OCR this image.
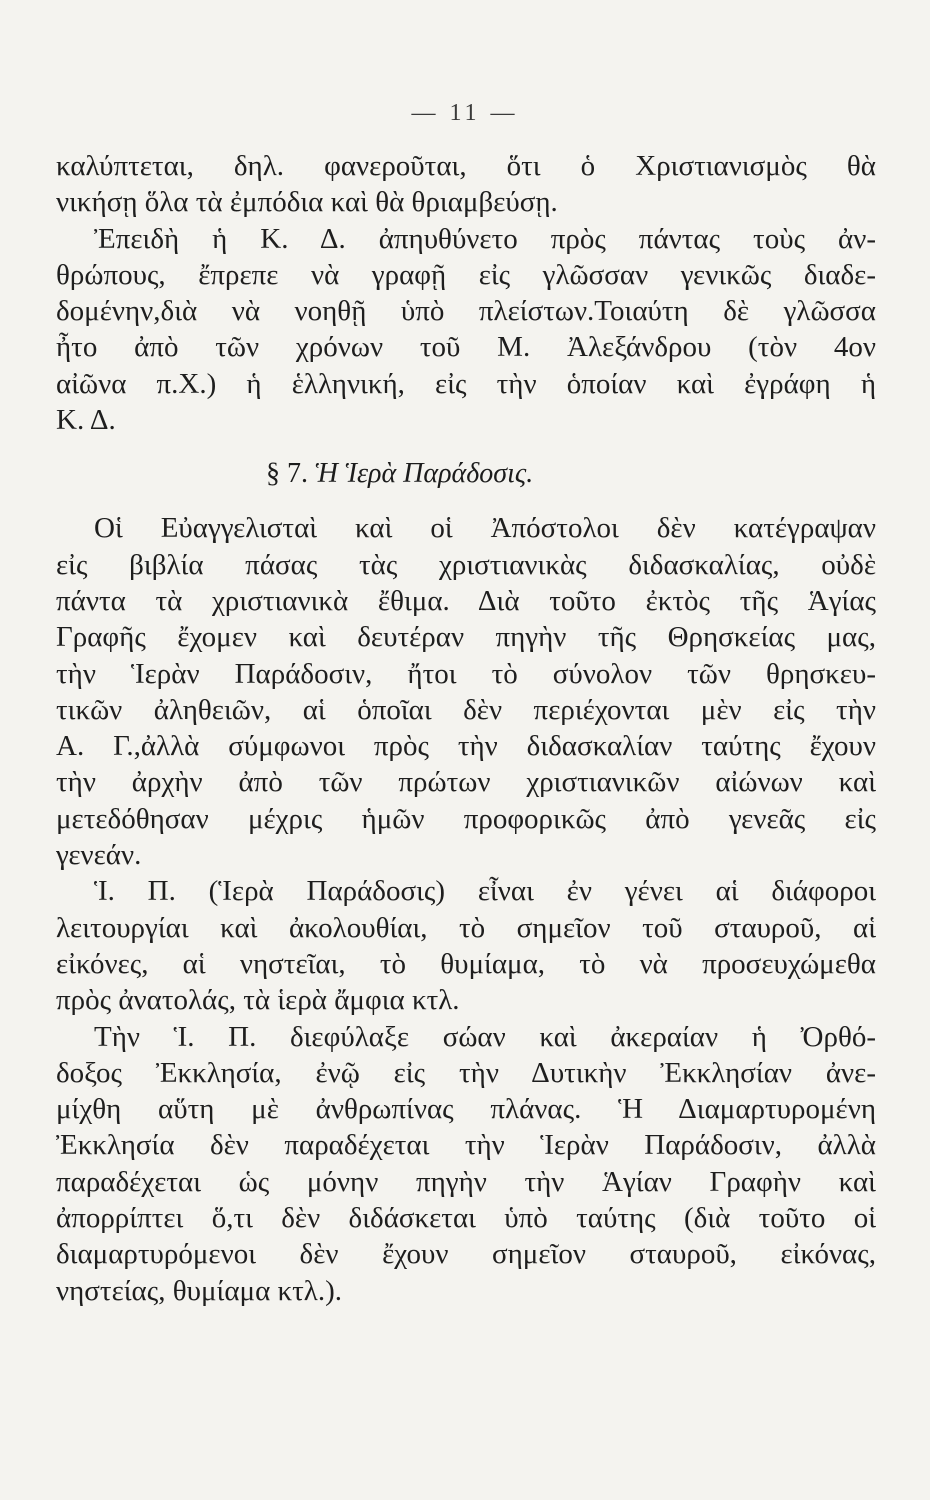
— 11 —
καλύπτεται, δηλ. φανεροῦται, ὅτι ὁ Χριστιανισμὸς θὰ
νικήσῃ ὅλα τὰ ἐμπόδια καὶ θὰ θριαμβεύσῃ.
Ἐπειδὴ ἡ Κ. Δ. ἀπηυθύνετο πρὸς πάντας τοὺς ἀν-
θρώπους, ἔπρεπε νὰ γραφῇ εἰς γλῶσσαν γενικῶς διαδε-
δομένην,διὰ νὰ νοηθῇ ὑπὸ πλείστων.Τοιαύτη δὲ γλῶσσα
ἦτο ἀπὸ τῶν χρόνων τοῦ Μ. Ἀλεξάνδρου (τὸν 4ον
αἰῶνα π.Χ.) ἡ ἑλληνική, εἰς τὴν ὁποίαν καὶ ἐγράφη ἡ
Κ. Δ.
§ 7. Ἡ Ἱερὰ Παράδοσις.
Οἱ Εὐαγγελισταὶ καὶ οἱ Ἀπόστολοι δὲν κατέγραψαν
εἰς βιβλία πάσας τὰς χριστιανικὰς διδασκαλίας, οὐδὲ
πάντα τὰ χριστιανικὰ ἔθιμα. Διὰ τοῦτο ἐκτὸς τῆς Ἁγίας
Γραφῆς ἔχομεν καὶ δευτέραν πηγὴν τῆς Θρησκείας μας,
τὴν Ἱερὰν Παράδοσιν, ἤτοι τὸ σύνολον τῶν θρησκευ-
τικῶν ἀληθειῶν, αἱ ὁποῖαι δὲν περιέχονται μὲν εἰς τὴν
Α. Γ.,ἀλλὰ σύμφωνοι πρὸς τὴν διδασκαλίαν ταύτης ἔχουν
τὴν ἀρχὴν ἀπὸ τῶν πρώτων χριστιανικῶν αἰώνων καὶ
μετεδόθησαν μέχρις ἡμῶν προφορικῶς ἀπὸ γενεᾶς εἰς
γενεάν.
Ἱ. Π. (Ἱερὰ Παράδοσις) εἶναι ἐν γένει αἱ διάφοροι
λειτουργίαι καὶ ἀκολουθίαι, τὸ σημεῖον τοῦ σταυροῦ, αἱ
εἰκόνες, αἱ νηστεῖαι, τὸ θυμίαμα, τὸ νὰ προσευχώμεθα
πρὸς ἀνατολάς, τὰ ἱερὰ ἄμφια κτλ.
Τὴν Ἱ. Π. διεφύλαξε σώαν καὶ ἀκεραίαν ἡ Ὀρθό-
δοξος Ἐκκλησία, ἐνῷ εἰς τὴν Δυτικὴν Ἐκκλησίαν ἀνε-
μίχθη αὕτη μὲ ἀνθρωπίνας πλάνας. Ἡ Διαμαρτυρομένη
Ἐκκλησία δὲν παραδέχεται τὴν Ἱερὰν Παράδοσιν, ἀλλὰ
παραδέχεται ὡς μόνην πηγὴν τὴν Ἁγίαν Γραφὴν καὶ
ἀπορρίπτει ὅ,τι δὲν διδάσκεται ὑπὸ ταύτης (διὰ τοῦτο οἱ
διαμαρτυρόμενοι δὲν ἔχουν σημεῖον σταυροῦ, εἰκόνας,
νηστείας, θυμίαμα κτλ.).
